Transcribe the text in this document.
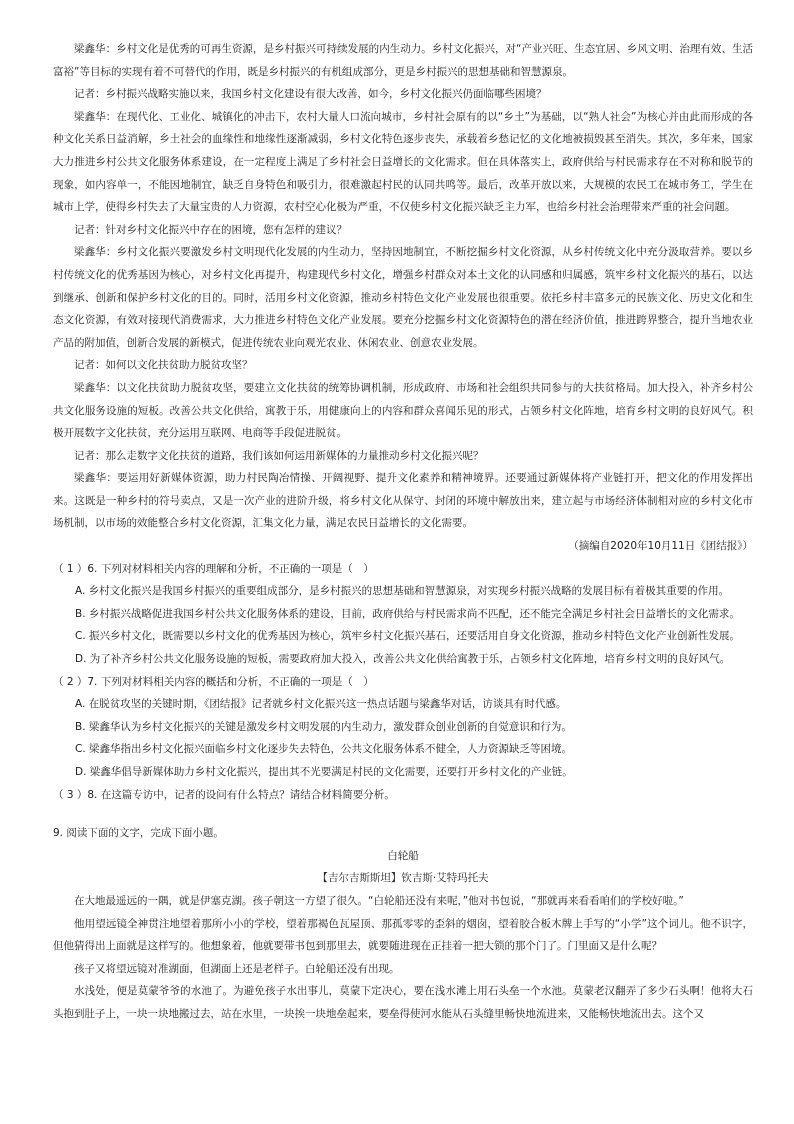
梁鑫华：乡村文化是优秀的可再生资源，是乡村振兴可持续发展的内生动力。乡村文化振兴，对“产业兴旺、生态宜居、乡风文明、治理有效、生活富裕”等目标的实现有着不可替代的作用，既是乡村振兴的有机组成部分，更是乡村振兴的思想基础和智慧源泉。

记者：乡村振兴战略实施以来，我国乡村文化建设有很大改善，如今，乡村文化振兴仍面临哪些困境？

梁鑫华：在现代化、工业化、城镇化的冲击下，农村大量人口流向城市，乡村社会原有的以“乡土”为基础，以“熟人社会”为核心并由此而形成的各种文化关系日益消解，乡土社会的血缘性和地缘性逐渐减弱，乡村文化特色逐步丧失，承载着乡愁记忆的文化地被损毁甚至消失。其次，多年来，国家大力推进乡村公共文化服务体系建设，在一定程度上满足了乡村社会日益增长的文化需求。但在具体落实上，政府供给与村民需求存在不对称和脱节的现象，如内容单一，不能因地制宜，缺乏自身特色和吸引力，很难激起村民的认同共鸣等。最后，改革开放以来，大规模的农民工在城市务工，学生在城市上学，使得乡村失去了大量宝贵的人力资源，农村空心化极为严重，不仅使乡村文化振兴缺乏主力军，也给乡村社会治理带来严重的社会问题。

记者：针对乡村文化振兴中存在的困境，您有怎样的建议？

梁鑫华：乡村文化振兴要激发乡村文明现代化发展的内生动力，坚持因地制宜，不断挖掘乡村文化资源，从乡村传统文化中充分汲取营养。要以乡村传统文化的优秀基因为核心，对乡村文化再提升，构建现代乡村文化，增强乡村群众对本土文化的认同感和归属感，筑牢乡村文化振兴的基石，以达到继承、创新和保护乡村文化的目的。同时，活用乡村文化资源，推动乡村特色文化产业发展也很重要。依托乡村丰富多元的民族文化、历史文化和生态文化资源，有效对接现代消费需求，大力推进乡村特色文化产业发展。要充分挖掘乡村文化资源特色的潜在经济价值，推进跨界整合，提升当地农业产品的附加值，创新合发展的新模式，促进传统农业向观光农业、休闲农业、创意农业发展。

记者：如何以文化扶贫助力脱贫攻坚？

梁鑫华：以文化扶贫助力脱贫攻坚，要建立文化扶贫的统筹协调机制，形成政府、市场和社会组织共同参与的大扶贫格局。加大投入，补齐乡村公共文化服务设施的短板。改善公共文化供给，寓教于乐，用健康向上的内容和群众喜闻乐见的形式，占领乡村文化阵地，培育乡村文明的良好风气。积极开展数字文化扶贫，充分运用互联网、电商等手段促进脱贫。

记者：那么走数字文化扶贫的道路，我们该如何运用新媒体的力量推动乡村文化振兴呢？

梁鑫华：要运用好新媒体资源，助力村民陶冶情操、开阔视野、提升文化素养和精神境界。还要通过新媒体将产业链打开，把文化的作用发挥出来。这既是一种乡村的符号卖点，又是一次产业的进阶升级，将乡村文化从保守、封闭的环境中解放出来，建立起与市场经济体制相对应的乡村文化市场机制，以市场的效能整合乡村文化资源，汇集文化力量，满足农民日益增长的文化需要。

（摘编自2020年10月11日《团结报》）

（ 1 ）6. 下列对材料相关内容的理解和分析，不正确的一项是（　）

A. 乡村文化振兴是我国乡村振兴的重要组成部分，是乡村振兴的思想基础和智慧源泉，对实现乡村振兴战略的发展目标有着极其重要的作用。

B. 乡村振兴战略促进我国乡村公共文化服务体系的建设，目前，政府供给与村民需求尚不匹配，还不能完全满足乡村社会日益增长的文化需求。

C. 振兴乡村文化，既需要以乡村文化的优秀基因为核心，筑牢乡村文化振兴基石，还要活用自身文化资源，推动乡村特色文化产业创新性发展。

D. 为了补齐乡村公共文化服务设施的短板，需要政府加大投入，改善公共文化供给寓教于乐，占领乡村文化阵地，培育乡村文明的良好风气。

（ 2 ）7. 下列对材料相关内容的概括和分析，不正确的一项是（　）

A. 在脱贫攻坚的关键时期，《团结报》记者就乡村文化振兴这一热点话题与梁鑫华对话，访谈具有时代感。

B. 梁鑫华认为乡村文化振兴的关键是激发乡村文明发展的内生动力，激发群众创业创新的自觉意识和行为。

C. 梁鑫华指出乡村文化振兴面临乡村文化逐步失去特色，公共文化服务体系不健全，人力资源缺乏等困境。

D. 梁鑫华倡导新媒体助力乡村文化振兴，提出其不光要满足村民的文化需要，还要打开乡村文化的产业链。

（ 3 ）8. 在这篇专访中，记者的设问有什么特点？请结合材料简要分析。

9. 阅读下面的文字，完成下面小题。

白轮船

【吉尔吉斯斯坦】钦吉斯·艾特玛托夫

在大地最遥远的一隅，就是伊塞克湖。孩子朝这一方望了很久。“白轮船还没有来呢，”他对书包说，“那就再来看看咱们的学校好啦。”

他用望远镜全神贯注地望着那所小小的学校，望着那褐色瓦屋顶、那孤零零的歪斜的烟囱，望着胶合板木牌上手写的“小学”这个词儿。他不识字，但他猜得出上面就是这样写的。他想象着，他就要带书包到那里去，就要随进现在正挂着一把大锁的那个门了。门里面又是什么呢？

孩子又将望远镜对准湖面，但湖面上还是老样子。白轮船还没有出现。

水浅处，便是莫蒙爷爷的水池了。为避免孩子水出事儿，莫蒙下定决心，要在浅水滩上用石头垒一个水池。莫蒙老汉翻弄了多少石头啊！他将大石头抱到肚子上，一块一块地搬过去，站在水里，一块挨一块地垒起来，要垒得使河水能从石头缝里畅快地流进来，又能畅快地流出去。这个又
